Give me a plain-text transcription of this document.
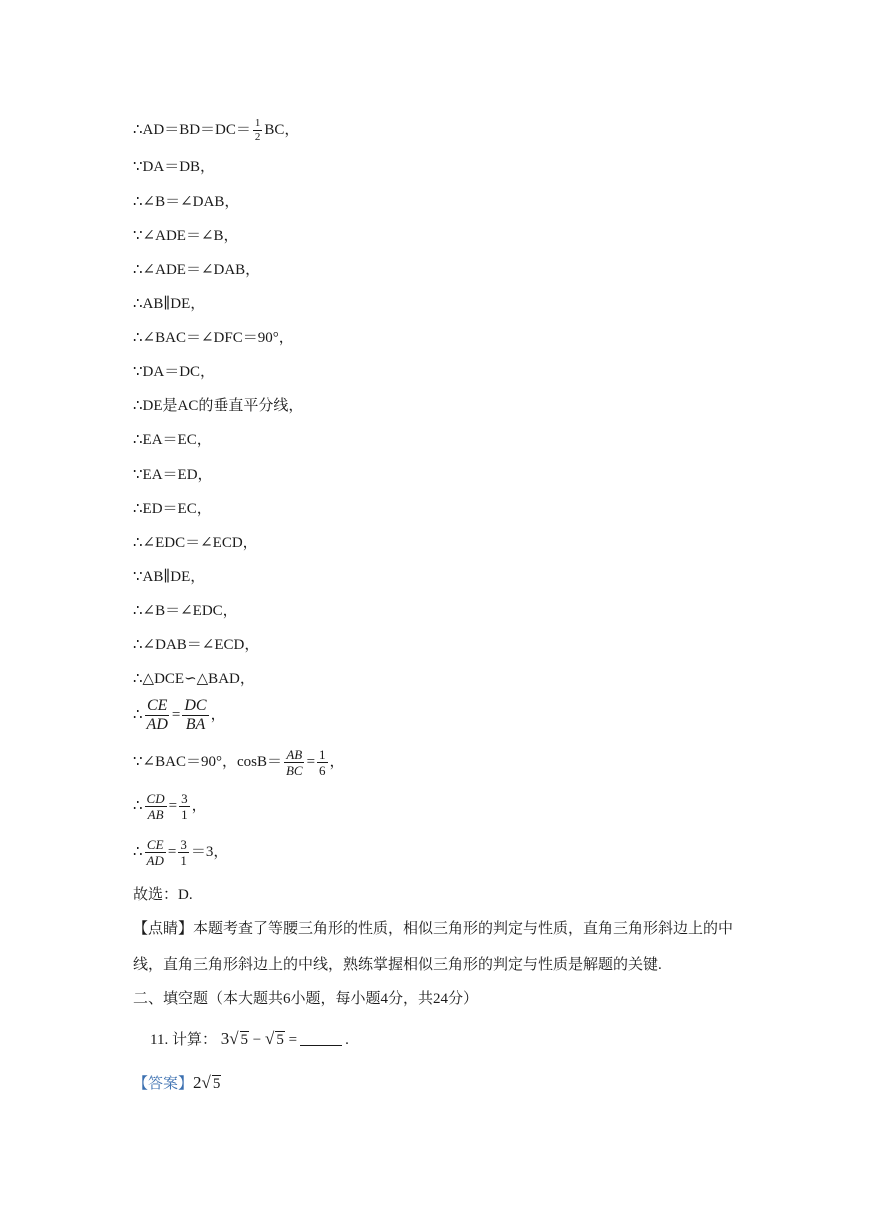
∴AD＝BD＝DC＝ $\frac{1}{2}$ BC，
∵DA＝DB，
∴∠B＝∠DAB，
∵∠ADE＝∠B，
∴∠ADE＝∠DAB，
∴AB∥DE，
∴∠BAC＝∠DFC＝90°，
∵DA＝DC，
∴DE是AC的垂直平分线，
∴EA＝EC，
∵EA＝ED，
∴ED＝EC，
∴∠EDC＝∠ECD，
∵AB∥DE，
∴∠B＝∠EDC，
∴∠DAB＝∠ECD，
∴△DCE∽△BAD，
∴ $\frac{CE}{AD} = \frac{DC}{BA}$ ，
∵∠BAC＝90°，$\cos B= \frac{AB}{BC} = \frac{1}{6}$ ，
∴ $\frac{CD}{AB} = \frac{3}{1}$ ，
∴ $\frac{CE}{AD} = \frac{3}{1} =3$，
故选：D.
【点睛】本题考查了等腰三角形的性质，相似三角形的判定与性质，直角三角形斜边上的中
线，直角三角形斜边上的中线，熟练掌握相似三角形的判定与性质是解题的关键.
二、填空题（本大题共6小题，每小题4分，共24分）
11. 计算： 3√ 5 − √ 5 =	.
【答案】2√ 5
